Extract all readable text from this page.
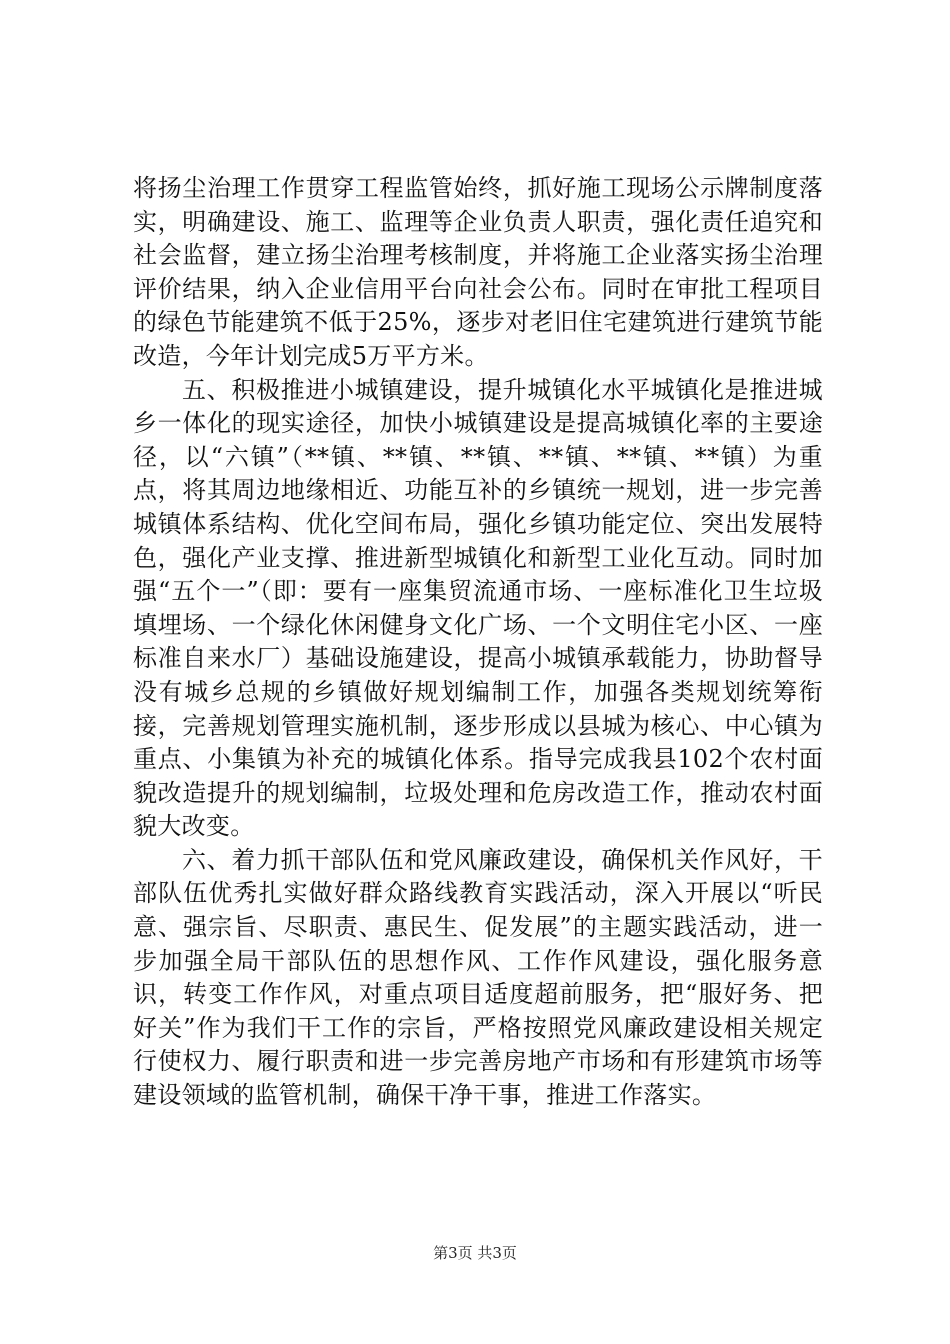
将扬尘治理工作贯穿工程监管始终，抓好施工现场公示牌制度落实，明确建设、施工、监理等企业负责人职责，强化责任追究和社会监督，建立扬尘治理考核制度，并将施工企业落实扬尘治理评价结果，纳入企业信用平台向社会公布。同时在审批工程项目的绿色节能建筑不低于25%，逐步对老旧住宅建筑进行建筑节能改造，今年计划完成5万平方米。

五、积极推进小城镇建设，提升城镇化水平城镇化是推进城乡一体化的现实途径，加快小城镇建设是提高城镇化率的主要途径，以“六镇”（**镇、**镇、**镇、**镇、**镇、**镇）为重点，将其周边地缘相近、功能互补的乡镇统一规划，进一步完善城镇体系结构、优化空间布局，强化乡镇功能定位、突出发展特色，强化产业支撑、推进新型城镇化和新型工业化互动。同时加强“五个一”（即：要有一座集贸流通市场、一座标准化卫生垃圾填埋场、一个绿化休闲健身文化广场、一个文明住宅小区、一座标准自来水厂）基础设施建设，提高小城镇承载能力，协助督导没有城乡总规的乡镇做好规划编制工作，加强各类规划统筹衔接，完善规划管理实施机制，逐步形成以县城为核心、中心镇为重点、小集镇为补充的城镇化体系。指导完成我县102个农村面貌改造提升的规划编制，垃圾处理和危房改造工作，推动农村面貌大改变。

六、着力抓干部队伍和党风廉政建设，确保机关作风好，干部队伍优秀扎实做好群众路线教育实践活动，深入开展以“听民意、强宗旨、尽职责、惠民生、促发展”的主题实践活动，进一步加强全局干部队伍的思想作风、工作作风建设，强化服务意识，转变工作作风，对重点项目适度超前服务，把“服好务、把好关”作为我们干工作的宗旨，严格按照党风廉政建设相关规定行使权力、履行职责和进一步完善房地产市场和有形建筑市场等建设领域的监管机制，确保干净干事，推进工作落实。

第3页 共3页
